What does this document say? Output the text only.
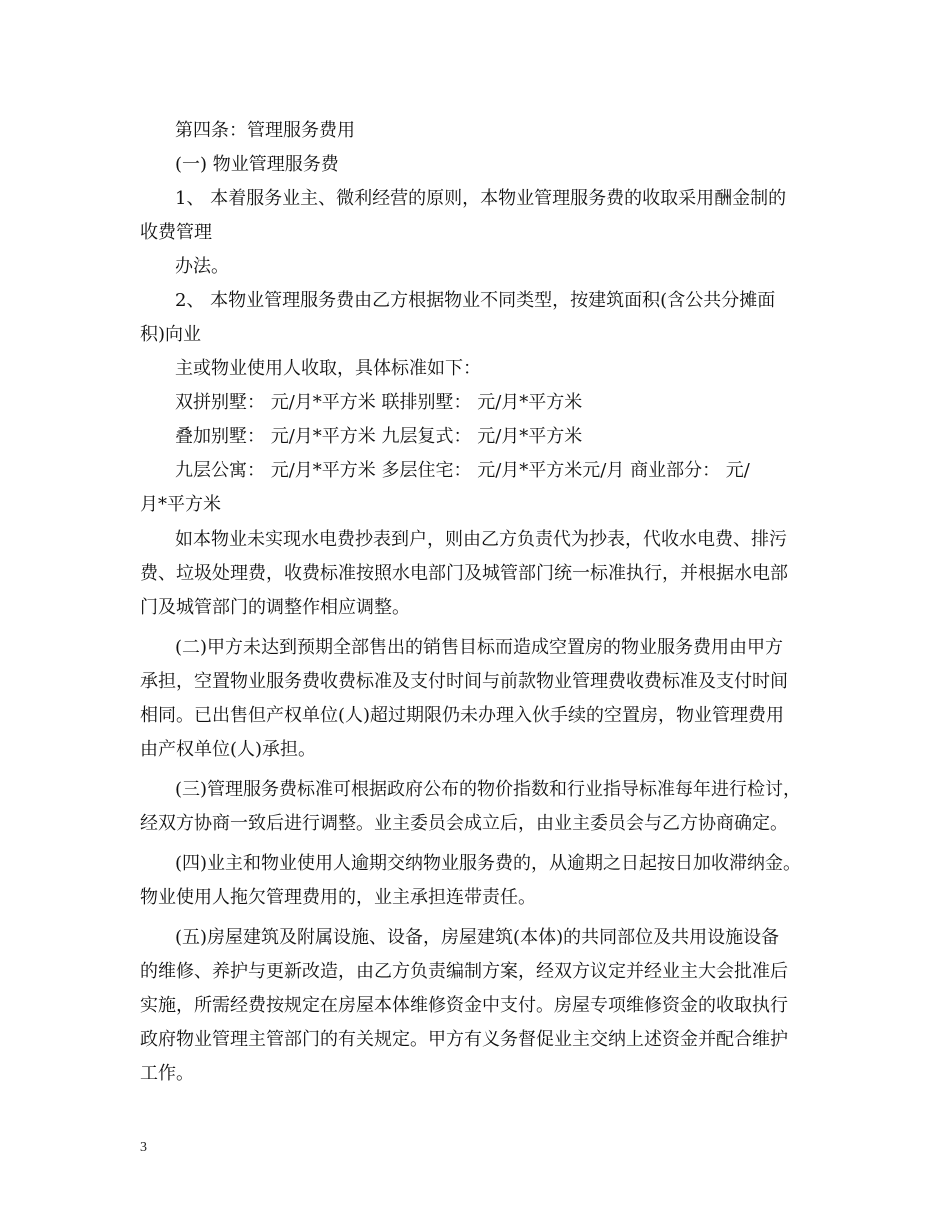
第四条：管理服务费用
(一) 物业管理服务费
1、 本着服务业主、微利经营的原则，本物业管理服务费的收取采用酬金制的
收费管理
办法。
2、 本物业管理服务费由乙方根据物业不同类型，按建筑面积(含公共分摊面
积)向业
主或物业使用人收取，具体标准如下：
双拼别墅： 元/月*平方米 联排别墅： 元/月*平方米
叠加别墅： 元/月*平方米 九层复式： 元/月*平方米
九层公寓： 元/月*平方米 多层住宅： 元/月*平方米元/月 商业部分： 元/
月*平方米
如本物业未实现水电费抄表到户，则由乙方负责代为抄表，代收水电费、排污
费、垃圾处理费，收费标准按照水电部门及城管部门统一标准执行，并根据水电部
门及城管部门的调整作相应调整。
(二)甲方未达到预期全部售出的销售目标而造成空置房的物业服务费用由甲方
承担，空置物业服务费收费标准及支付时间与前款物业管理费收费标准及支付时间
相同。已出售但产权单位(人)超过期限仍未办理入伙手续的空置房，物业管理费用
由产权单位(人)承担。
(三)管理服务费标准可根据政府公布的物价指数和行业指导标准每年进行检讨，
经双方协商一致后进行调整。业主委员会成立后，由业主委员会与乙方协商确定。
(四)业主和物业使用人逾期交纳物业服务费的，从逾期之日起按日加收滞纳金。
物业使用人拖欠管理费用的，业主承担连带责任。
(五)房屋建筑及附属设施、设备，房屋建筑(本体)的共同部位及共用设施设备
的维修、养护与更新改造，由乙方负责编制方案，经双方议定并经业主大会批准后
实施，所需经费按规定在房屋本体维修资金中支付。房屋专项维修资金的收取执行
政府物业管理主管部门的有关规定。甲方有义务督促业主交纳上述资金并配合维护
工作。
3
